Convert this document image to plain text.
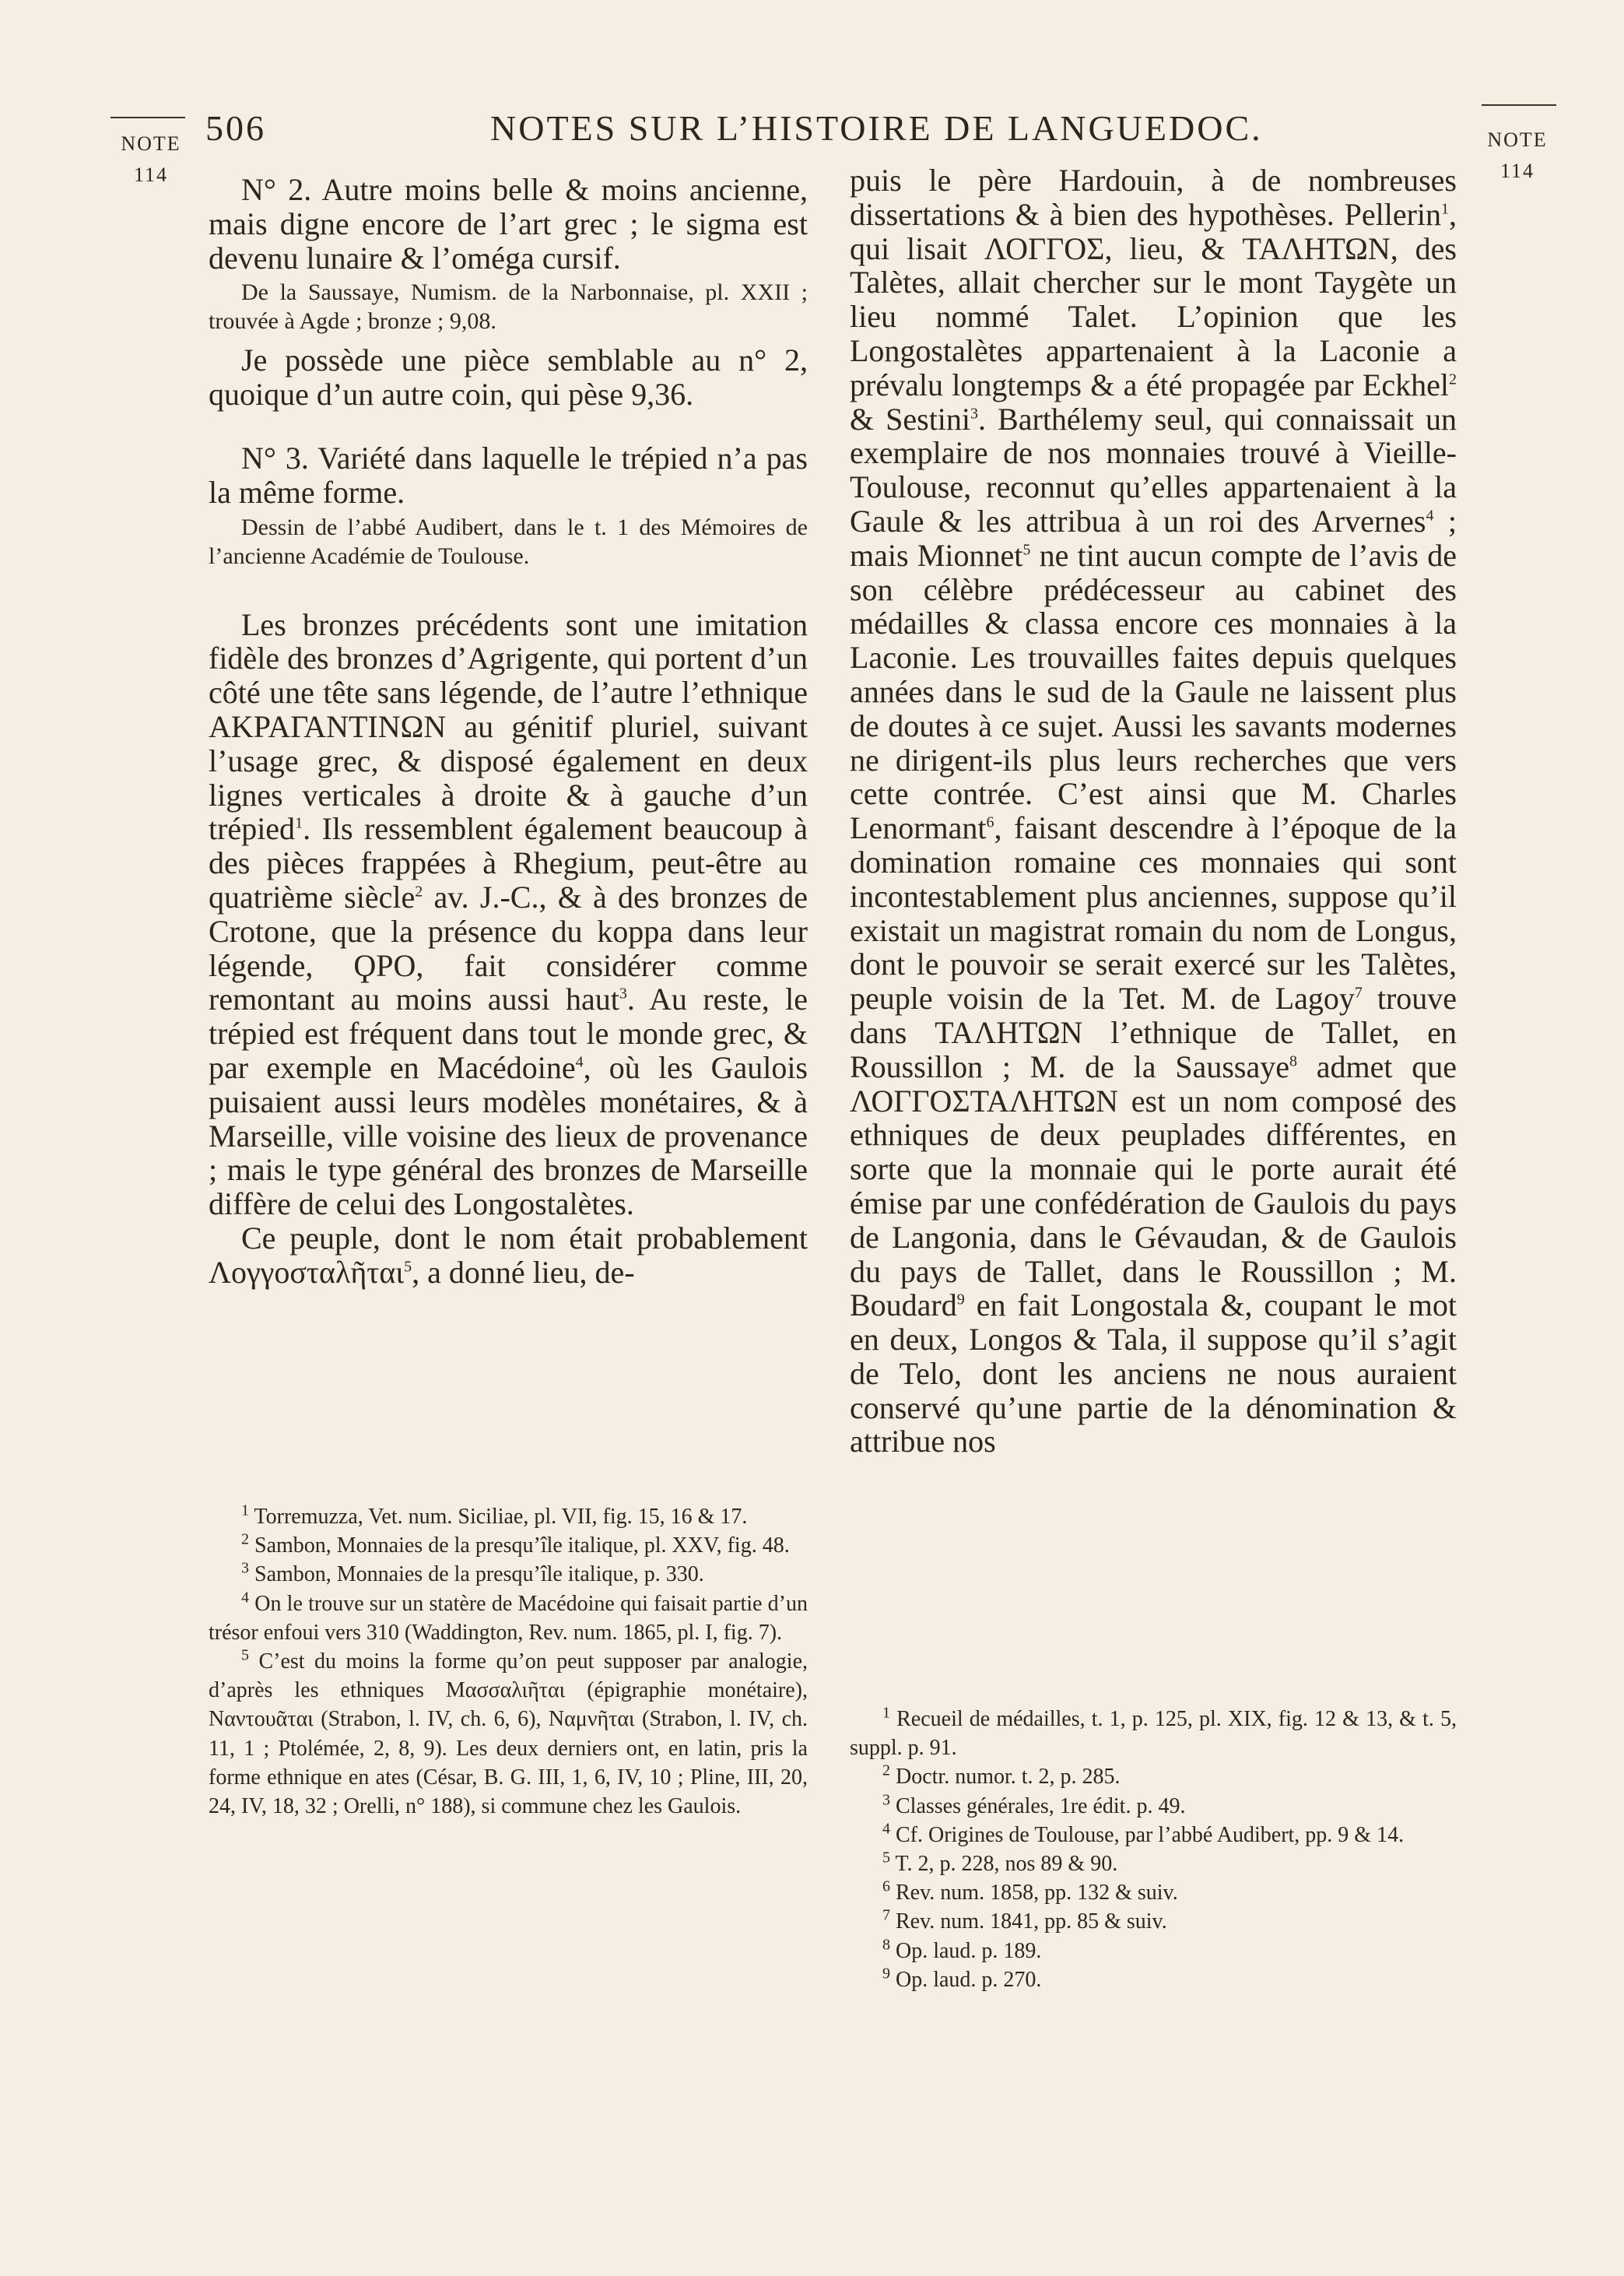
NOTE
114
506	NOTES SUR L’HISTOIRE DE LANGUEDOC.	NOTE
114

N° 2. Autre moins belle & moins ancienne, mais digne encore de l’art grec ; le sigma est devenu lunaire & l’oméga cursif.

De la Saussaye, Numism. de la Narbonnaise, pl. XXII ; trouvée à Agde ; bronze ; 9,08.

Je possède une pièce semblable au n° 2, quoique d’un autre coin, qui pèse 9,36.

N° 3. Variété dans laquelle le trépied n’a pas la même forme.

Dessin de l’abbé Audibert, dans le t. 1 des Mémoires de l’ancienne Académie de Toulouse.

Les bronzes précédents sont une imitation fidèle des bronzes d’Agrigente, qui portent d’un côté une tête sans légende, de l’autre l’ethnique ΑΚΡΑΓΑΝΤΙΝΩΝ au génitif pluriel, suivant l’usage grec, & disposé également en deux lignes verticales à droite & à gauche d’un trépied$^1$. Ils ressemblent également beaucoup à des pièces frappées à Rhegium, peut-être au quatrième siècle$^2$ av. J.-C., & à des bronzes de Crotone, que la présence du koppa dans leur légende, ϘΡΟ, fait considérer comme remontant au moins aussi haut$^3$. Au reste, le trépied est fréquent dans tout le monde grec, & par exemple en Macédoine$^4$, où les Gaulois puisaient aussi leurs modèles monétaires, & à Marseille, ville voisine des lieux de provenance ; mais le type général des bronzes de Marseille diffère de celui des Longostalètes.

Ce peuple, dont le nom était probablement Λογγοσταλῆται$^5$, a donné lieu, de-

$^1$ Torremuzza, Vet. num. Siciliae, pl. VII, fig. 15, 16 & 17.

$^2$ Sambon, Monnaies de la presqu’île italique, pl. XXV, fig. 48.

$^3$ Sambon, Monnaies de la presqu’île italique, p. 330.

$^4$ On le trouve sur un statère de Macédoine qui faisait partie d’un trésor enfoui vers 310 (Waddington, Rev. num. 1865, pl. I, fig. 7).

$^5$ C’est du moins la forme qu’on peut supposer par analogie, d’après les ethniques Μασσαλιῆται (épigraphie monétaire), Ναντουᾶται (Strabon, l. IV, ch. 6, 6), Ναμνῆται (Strabon, l. IV, ch. 11, 1 ; Ptolémée, 2, 8, 9). Les deux derniers ont, en latin, pris la forme ethnique en ates (César, B. G. III, 1, 6, IV, 10 ; Pline, III, 20, 24, IV, 18, 32 ; Orelli, n° 188), si commune chez les Gaulois.

puis le père Hardouin, à de nombreuses dissertations & à bien des hypothèses. Pellerin$^1$, qui lisait ΛΟΓΓΟΣ, lieu, & ΤΑΛΗΤΩΝ, des Talètes, allait chercher sur le mont Taygète un lieu nommé Talet. L’opinion que les Longostalètes appartenaient à la Laconie a prévalu longtemps & a été propagée par Eckhel$^2$ & Sestini$^3$. Barthélemy seul, qui connaissait un exemplaire de nos monnaies trouvé à Vieille-Toulouse, reconnut qu’elles appartenaient à la Gaule & les attribua à un roi des Arvernes$^4$ ; mais Mionnet$^5$ ne tint aucun compte de l’avis de son célèbre prédécesseur au cabinet des médailles & classa encore ces monnaies à la Laconie. Les trouvailles faites depuis quelques années dans le sud de la Gaule ne laissent plus de doutes à ce sujet. Aussi les savants modernes ne dirigent-ils plus leurs recherches que vers cette contrée. C’est ainsi que M. Charles Lenormant$^6$, faisant descendre à l’époque de la domination romaine ces monnaies qui sont incontestablement plus anciennes, suppose qu’il existait un magistrat romain du nom de Longus, dont le pouvoir se serait exercé sur les Talètes, peuple voisin de la Tet. M. de Lagoy$^7$ trouve dans ΤΑΛΗΤΩΝ l’ethnique de Tallet, en Roussillon ; M. de la Saussaye$^8$ admet que ΛΟΓΓΟΣΤΑΛΗΤΩΝ est un nom composé des ethniques de deux peuplades différentes, en sorte que la monnaie qui le porte aurait été émise par une confédération de Gaulois du pays de Langonia, dans le Gévaudan, & de Gaulois du pays de Tallet, dans le Roussillon ; M. Boudard$^9$ en fait Longostala &, coupant le mot en deux, Longos & Tala, il suppose qu’il s’agit de Telo, dont les anciens ne nous auraient conservé qu’une partie de la dénomination & attribue nos

$^1$ Recueil de médailles, t. 1, p. 125, pl. XIX, fig. 12 & 13, & t. 5, suppl. p. 91.

$^2$ Doctr. numor. t. 2, p. 285.

$^3$ Classes générales, 1re édit. p. 49.

$^4$ Cf. Origines de Toulouse, par l’abbé Audibert, pp. 9 & 14.

$^5$ T. 2, p. 228, nos 89 & 90.

$^6$ Rev. num. 1858, pp. 132 & suiv.

$^7$ Rev. num. 1841, pp. 85 & suiv.

$^8$ Op. laud. p. 189.

$^9$ Op. laud. p. 270.
